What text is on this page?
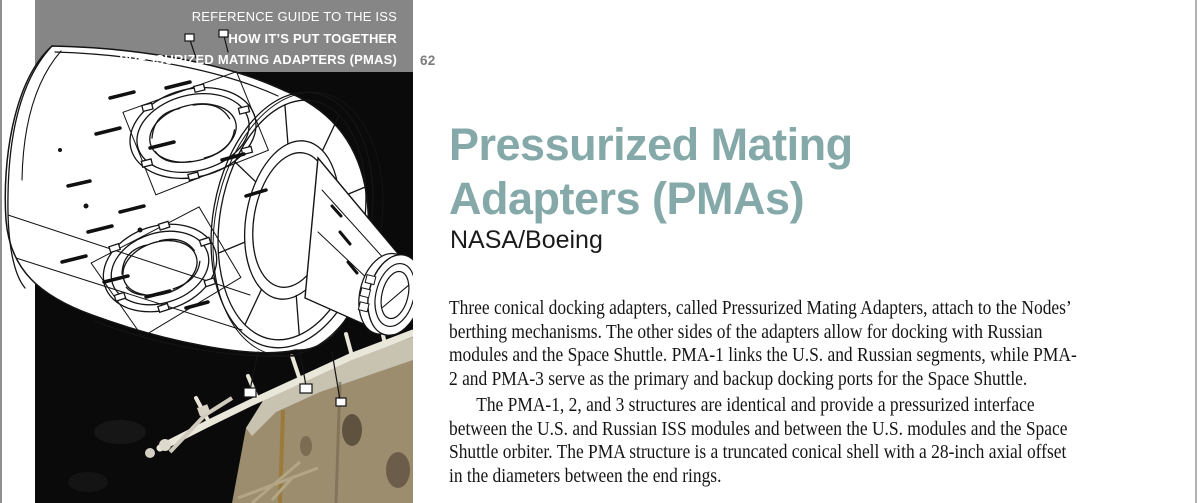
REFERENCE GUIDE TO THE ISS
HOW IT’S PUT TOGETHER
PRESSURIZED MATING ADAPTERS (PMAS) 62
Pressurized Mating Adapters (PMAs)
NASA/Boeing
Three conical docking adapters, called Pressurized Mating Adapters, attach to the Nodes’
berthing mechanisms. The other sides of the adapters allow for docking with Russian
modules and the Space Shuttle. PMA-1 links the U.S. and Russian segments, while PMA-
2 and PMA-3 serve as the primary and backup docking ports for the Space Shuttle.
The PMA-1, 2, and 3 structures are identical and provide a pressurized interface
between the U.S. and Russian ISS modules and between the U.S. modules and the Space
Shuttle orbiter. The PMA structure is a truncated conical shell with a 28-inch axial offset
in the diameters between the end rings.
